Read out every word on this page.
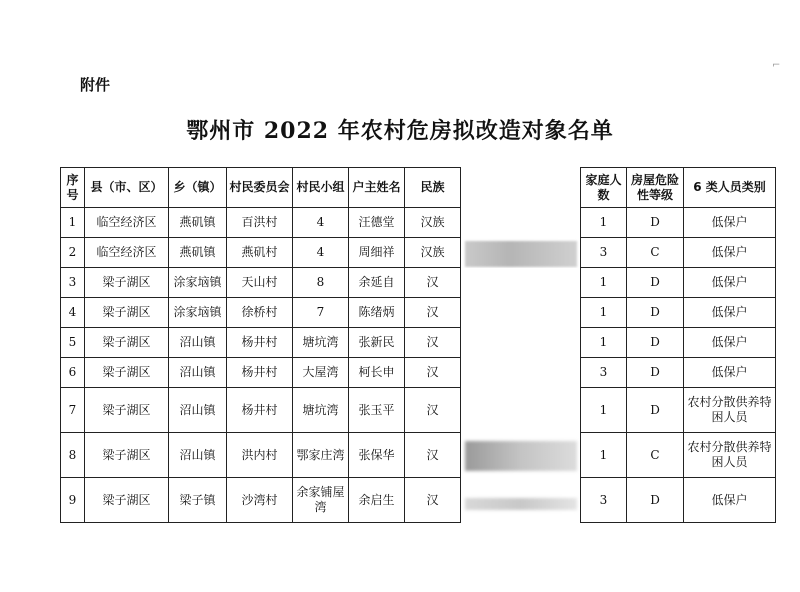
附件
⌐
鄂州市 2022 年农村危房拟改造对象名单
序号	县（市、区）	乡（镇）	村民委员会	村民小组	户主姓名	民族		家庭人数	房屋危险性等级	6 类人员类别
1	临空经济区	燕矶镇	百洪村	4	汪德堂	汉族		1	D	低保户
2	临空经济区	燕矶镇	燕矶村	4	周细祥	汉族		3	C	低保户
3	梁子湖区	涂家垴镇	天山村	8	余延自	汉		1	D	低保户
4	梁子湖区	涂家垴镇	徐桥村	7	陈绪炳	汉		1	D	低保户
5	梁子湖区	沼山镇	杨井村	塘坑湾	张新民	汉		1	D	低保户
6	梁子湖区	沼山镇	杨井村	大屋湾	柯长申	汉		3	D	低保户
7	梁子湖区	沼山镇	杨井村	塘坑湾	张玉平	汉		1	D	农村分散供养特困人员
8	梁子湖区	沼山镇	洪内村	鄂家庄湾	张保华	汉		1	C	农村分散供养特困人员
9	梁子湖区	梁子镇	沙湾村	余家铺屋湾	余启生	汉		3	D	低保户
